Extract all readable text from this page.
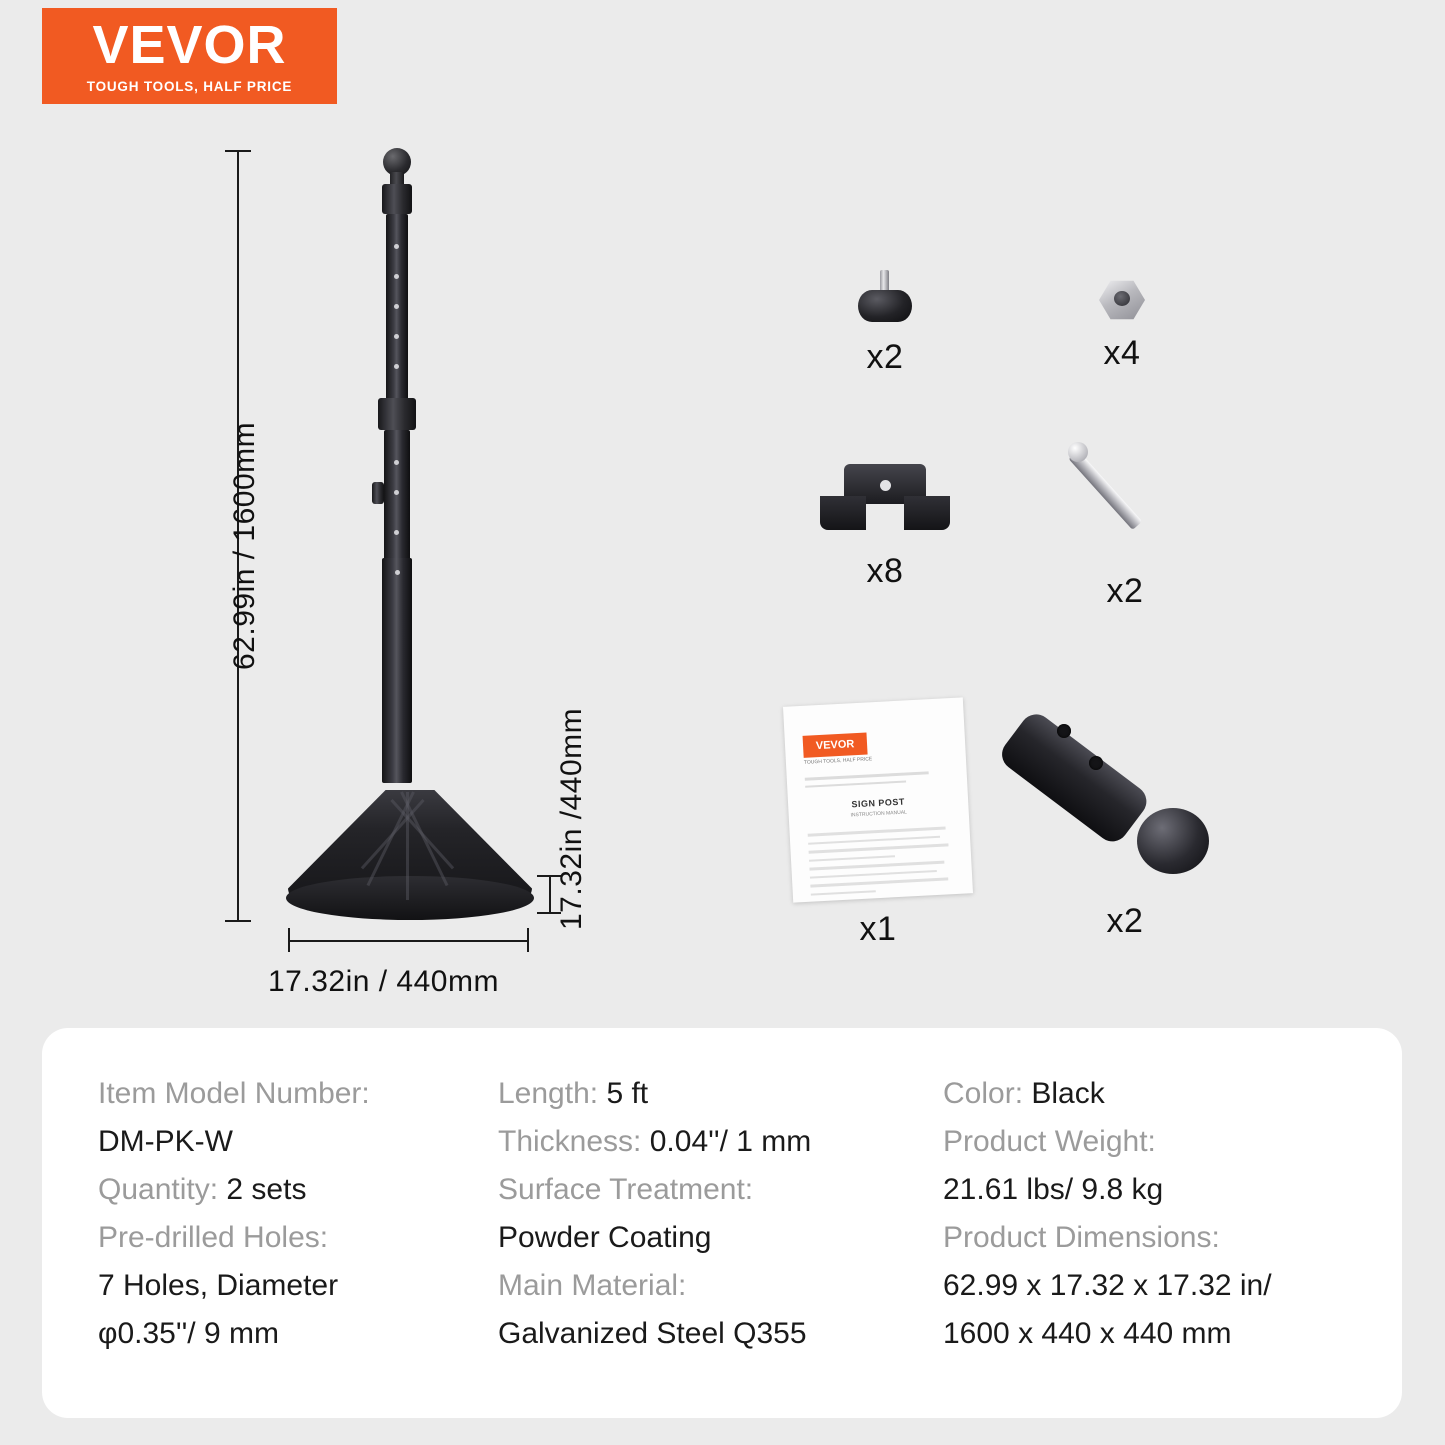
VEVOR
TOUGH TOOLS, HALF PRICE
62.99in / 1600mm
17.32in / 440mm
17.32in /440mm
x2	x4
x8
x2
VEVOR
TOUGH TOOLS, HALF PRICE
SIGN POST
INSTRUCTION MANUAL
x1	x2
Item Model Number:
DM-PK-W
Quantity: 2 sets
Pre-drilled Holes:
7 Holes, Diameter
φ0.35''/ 9 mm
Length: 5 ft
Thickness: 0.04''/ 1 mm
Surface Treatment:
Powder Coating
Main Material:
Galvanized Steel Q355
Color: Black
Product Weight:
21.61 lbs/ 9.8 kg
Product Dimensions:
62.99 x 17.32 x 17.32 in/
1600 x 440 x 440 mm
